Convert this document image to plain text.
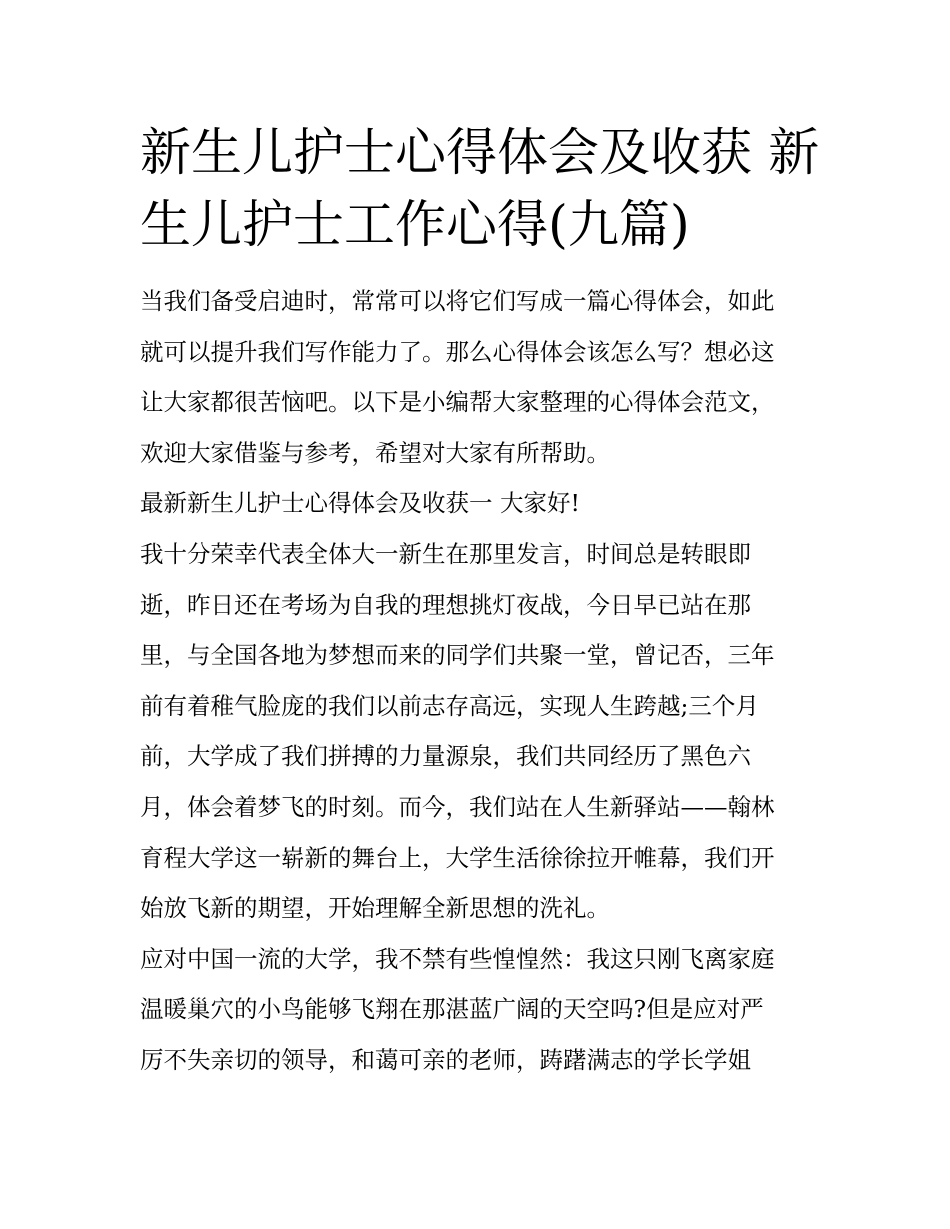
新生儿护士心得体会及收获 新
生儿护士工作心得(九篇)
当我们备受启迪时，常常可以将它们写成一篇心得体会，如此
就可以提升我们写作能力了。那么心得体会该怎么写？想必这
让大家都很苦恼吧。以下是小编帮大家整理的心得体会范文，
欢迎大家借鉴与参考，希望对大家有所帮助。
最新新生儿护士心得体会及收获一 大家好!
我十分荣幸代表全体大一新生在那里发言，时间总是转眼即
逝，昨日还在考场为自我的理想挑灯夜战，今日早已站在那
里，与全国各地为梦想而来的同学们共聚一堂，曾记否，三年
前有着稚气脸庞的我们以前志存高远，实现人生跨越;三个月
前，大学成了我们拼搏的力量源泉，我们共同经历了黑色六
月，体会着梦飞的时刻。而今，我们站在人生新驿站——翰林
育程大学这一崭新的舞台上，大学生活徐徐拉开帷幕，我们开
始放飞新的期望，开始理解全新思想的洗礼。
应对中国一流的大学，我不禁有些惶惶然：我这只刚飞离家庭
温暖巢穴的小鸟能够飞翔在那湛蓝广阔的天空吗?但是应对严
厉不失亲切的领导，和蔼可亲的老师，踌躇满志的学长学姐
